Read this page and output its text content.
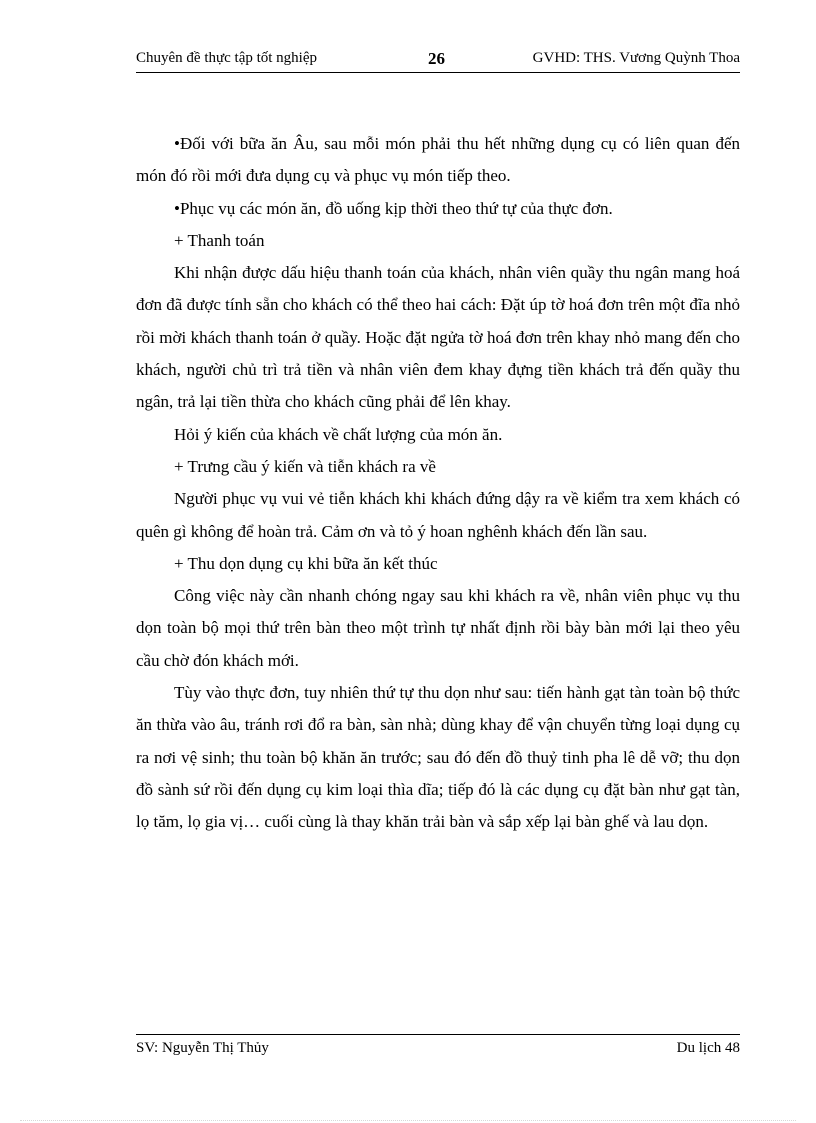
Chuyên đề thực tập tốt nghiệp	26	GVHD: THS. Vương Quỳnh Thoa

•Đối với bữa ăn Âu, sau mỗi món phải thu hết những dụng cụ có liên quan đến món đó rồi mới đưa dụng cụ và phục vụ món tiếp theo.

•Phục vụ các món ăn, đồ uống kịp thời theo thứ tự của thực đơn.

+ Thanh toán

Khi nhận được dấu hiệu thanh toán của khách, nhân viên quầy thu ngân mang hoá đơn đã được tính sẵn cho khách có thể theo hai cách: Đặt úp tờ hoá đơn trên một đĩa nhỏ rồi mời khách thanh toán ở quầy. Hoặc đặt ngửa tờ hoá đơn trên khay nhỏ mang đến cho khách, người chủ trì trả tiền và nhân viên đem khay đựng tiền khách trả đến quầy thu ngân, trả lại tiền thừa cho khách cũng phải để lên khay.

Hỏi ý kiến của khách về chất lượng của món ăn.

+ Trưng cầu ý kiến và tiễn khách ra về

Người phục vụ vui vẻ tiễn khách khi khách đứng dậy ra về kiểm tra xem khách có quên gì không để hoàn trả. Cảm ơn và tỏ ý hoan nghênh khách đến lần sau.

+ Thu dọn dụng cụ khi bữa ăn kết thúc

Công việc này cần nhanh chóng ngay sau khi khách ra về, nhân viên phục vụ thu dọn toàn bộ mọi thứ trên bàn theo một trình tự nhất định rồi bày bàn mới lại theo yêu cầu chờ đón khách mới.

Tùy vào thực đơn, tuy nhiên thứ tự thu dọn như sau: tiến hành gạt tàn toàn bộ thức ăn thừa vào âu, tránh rơi đổ ra bàn, sàn nhà; dùng khay để vận chuyển từng loại dụng cụ ra nơi vệ sinh; thu toàn bộ khăn ăn trước; sau đó đến đồ thuỷ tinh pha lê dễ vỡ; thu dọn đồ sành sứ rồi đến dụng cụ kim loại thìa dĩa; tiếp đó là các dụng cụ đặt bàn như gạt tàn, lọ tăm, lọ gia vị… cuối cùng là thay khăn trải bàn và sắp xếp lại bàn ghế và lau dọn.

SV: Nguyễn Thị Thủy	Du lịch 48
